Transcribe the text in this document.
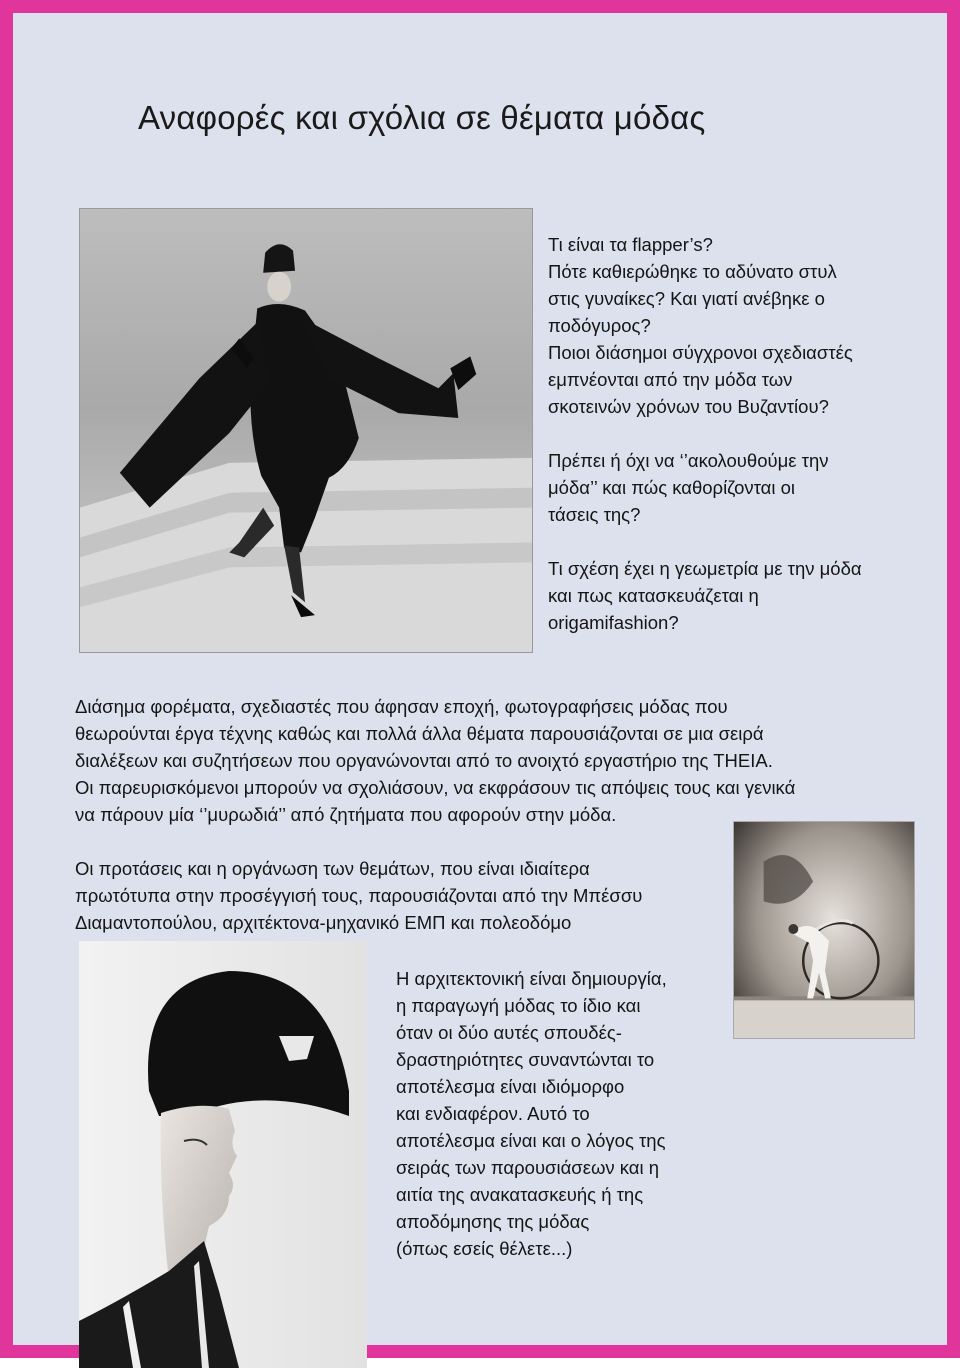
Αναφορές και σχόλια σε θέματα μόδας

Τι είναι τα flapper’s?
Πότε καθιερώθηκε το αδύνατο στυλ
στις γυναίκες? Και γιατί ανέβηκε ο
ποδόγυρος?
Ποιοι διάσημοι σύγχρονοι σχεδιαστές
εμπνέονται από την μόδα των
σκοτεινών χρόνων του Βυζαντίου?

Πρέπει ή όχι να ‘’ακολουθούμε την
μόδα’’ και πώς καθορίζονται οι
τάσεις της?

Τι σχέση έχει η γεωμετρία με την μόδα
και πως κατασκευάζεται η
origamifashion?

Διάσημα φορέματα, σχεδιαστές που άφησαν εποχή, φωτογραφήσεις μόδας που
θεωρούνται έργα τέχνης καθώς και πολλά άλλα θέματα παρουσιάζονται σε μια σειρά
διαλέξεων και συζητήσεων που οργανώνονται από το ανοιχτό εργαστήριο της ΤΗΕΙΑ.
Οι παρευρισκόμενοι μπορούν να σχολιάσουν, να εκφράσουν τις απόψεις τους και γενικά
να πάρουν μία ‘’μυρωδιά’’ από ζητήματα που αφορούν στην μόδα.
Οι προτάσεις και η οργάνωση των θεμάτων, που είναι ιδιαίτερα
πρωτότυπα στην προσέγγισή τους, παρουσιάζονται από την Μπέσσυ
Διαμαντοπούλου, αρχιτέκτονα-μηχανικό ΕΜΠ και πολεοδόμο
Η αρχιτεκτονική είναι δημιουργία,
η παραγωγή μόδας το ίδιο και
όταν οι δύο αυτές σπουδές-
δραστηριότητες συναντώνται το
αποτέλεσμα είναι ιδιόμορφο
και ενδιαφέρον. Αυτό το
αποτέλεσμα είναι και ο λόγος της
σειράς των παρουσιάσεων και η
αιτία της ανακατασκευής ή της
αποδόμησης της μόδας
(όπως εσείς θέλετε...)
